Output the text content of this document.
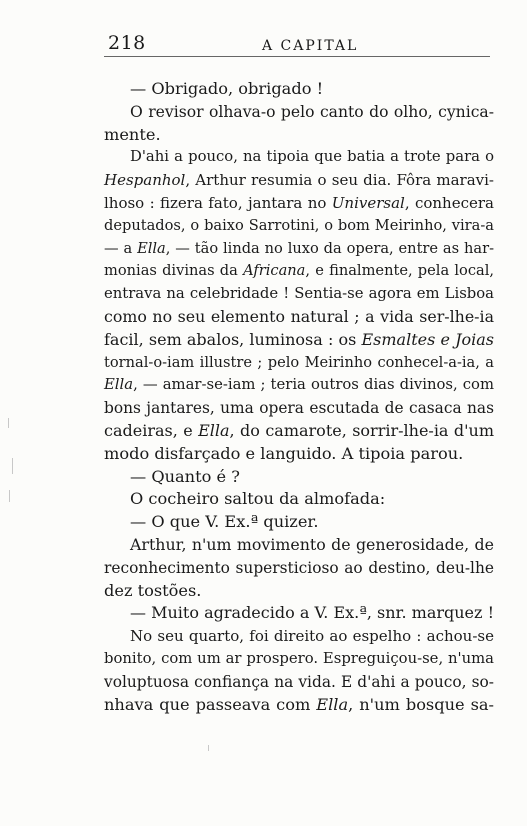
218	A CAPITAL
— Obrigado, obrigado !
O revisor olhava-o pelo canto do olho, cynica-
mente.
D'ahi a pouco, na tipoia que batia a trote para o
Hespanhol, Arthur resumia o seu dia. Fôra maravi-
lhoso : fizera fato, jantara no Universal, conhecera
deputados, o baixo Sarrotini, o bom Meirinho, vira-a
— a Ella, — tão linda no luxo da opera, entre as har-
monias divinas da Africana, e finalmente, pela local,
entrava na celebridade ! Sentia-se agora em Lisboa
como no seu elemento natural ; a vida ser-lhe-ia
facil, sem abalos, luminosa : os Esmaltes e Joias
tornal-o-iam illustre ; pelo Meirinho conhecel-a-ia, a
Ella, — amar-se-iam ; teria outros dias divinos, com
bons jantares, uma opera escutada de casaca nas
cadeiras, e Ella, do camarote, sorrir-lhe-ia d'um
modo disfarçado e languido. A tipoia parou.
— Quanto é ?
O cocheiro saltou da almofada:
— O que V. Ex.ª quizer.
Arthur, n'um movimento de generosidade, de
reconhecimento supersticioso ao destino, deu-lhe
dez tostões.
— Muito agradecido a V. Ex.ª, snr. marquez !
No seu quarto, foi direito ao espelho : achou-se
bonito, com um ar prospero. Espreguiçou-se, n'uma
voluptuosa confiança na vida. E d'ahi a pouco, so-
nhava que passeava com Ella, n'um bosque sa-
